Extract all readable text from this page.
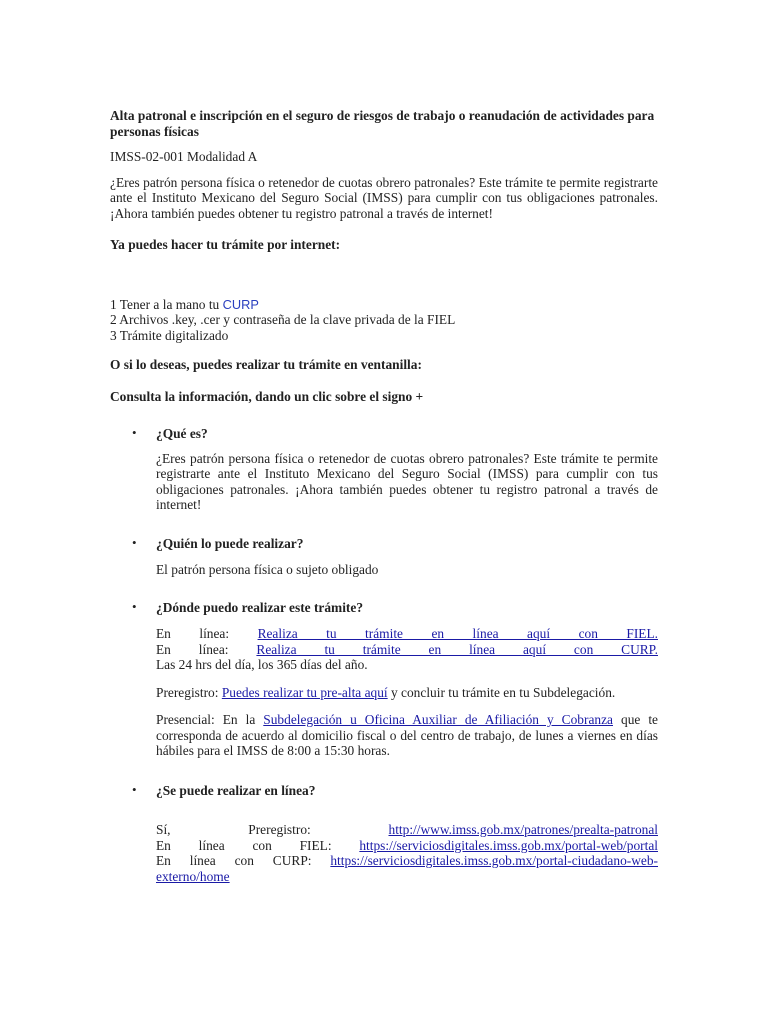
Alta patronal e inscripción en el seguro de riesgos de trabajo o reanudación de actividades para personas físicas

IMSS-02-001 Modalidad A

¿Eres patrón persona física o retenedor de cuotas obrero patronales? Este trámite te permite registrarte ante el Instituto Mexicano del Seguro Social (IMSS) para cumplir con tus obligaciones patronales. ¡Ahora también puedes obtener tu registro patronal a través de internet!

Ya puedes hacer tu trámite por internet:

1 Tener a la mano tu CURP

2 Archivos .key, .cer y contraseña de la clave privada de la FIEL

3 Trámite digitalizado

O si lo deseas, puedes realizar tu trámite en ventanilla:

Consulta la información, dando un clic sobre el signo +

• ¿Qué es?

¿Eres patrón persona física o retenedor de cuotas obrero patronales? Este trámite te permite registrarte ante el Instituto Mexicano del Seguro Social (IMSS) para cumplir con tus obligaciones patronales. ¡Ahora también puedes obtener tu registro patronal a través de internet!

• ¿Quién lo puede realizar?

El patrón persona física o sujeto obligado

• ¿Dónde puedo realizar este trámite?

En línea: Realiza tu trámite en línea aquí con FIEL.

En línea: Realiza tu trámite en línea aquí con CURP.

Las 24 hrs del día, los 365 días del año.

Preregistro: Puedes realizar tu pre-alta aquí y concluir tu trámite en tu Subdelegación.

Presencial: En la Subdelegación u Oficina Auxiliar de Afiliación y Cobranza que te corresponda de acuerdo al domicilio fiscal o del centro de trabajo, de lunes a viernes en días hábiles para el IMSS de 8:00 a 15:30 horas.

• ¿Se puede realizar en línea?

Sí, Preregistro: http://www.imss.gob.mx/patrones/prealta-patronal

En línea con FIEL: https://serviciosdigitales.imss.gob.mx/portal-web/portal

En línea con CURP: https://serviciosdigitales.imss.gob.mx/portal-ciudadano-web-externo/home
